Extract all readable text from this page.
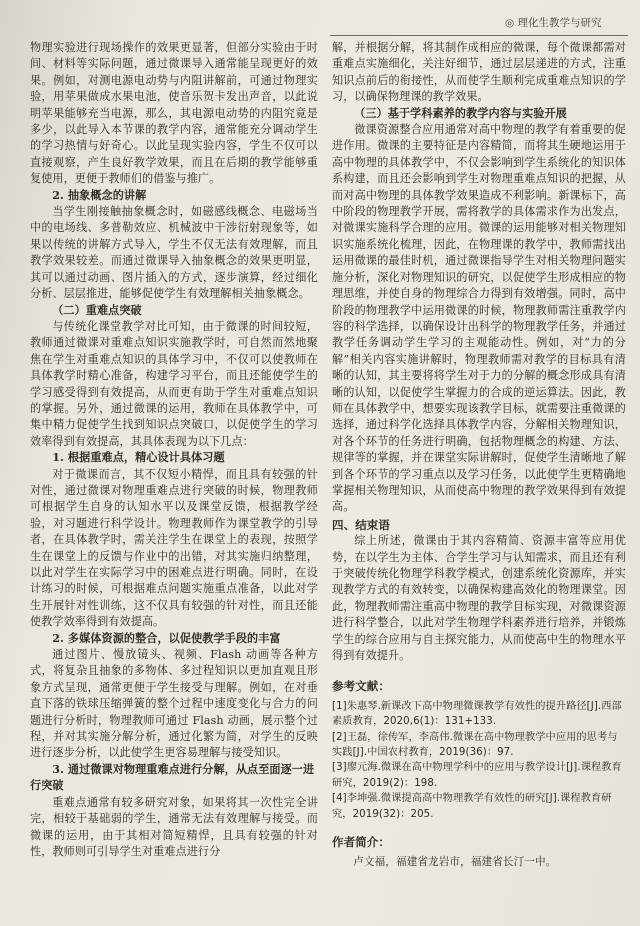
◎ 理化生教学与研究

物理实验进行现场操作的效果更显著，但部分实验由于时间、材料等实际问题，通过微课导入通常能呈现更好的效果。例如，对测电源电动势与内阻讲解前，可通过物理实验，用苹果做成水果电池，使音乐贺卡发出声音，以此说明苹果能够充当电源，那么，其电源电动势的内阻究竟是多少，以此导入本节课的教学内容，通常能充分调动学生的学习热情与好奇心。以此呈现实验内容，学生不仅可以直接观察，产生良好教学效果，而且在后期的教学能够重复使用，更便于教师们的借鉴与推广。

2. 抽象概念的讲解

当学生刚接触抽象概念时，如磁感线概念、电磁场当中的电场线、多普勒效应、机械波中干涉衍射现象等，如果以传统的讲解方式导入，学生不仅无法有效理解，而且教学效果较差。而通过微课导入抽象概念的效果更明显，其可以通过动画、图片插入的方式，逐步演算，经过细化分析、层层推进，能够促使学生有效理解相关抽象概念。

（二）重难点突破

与传统化课堂教学对比可知，由于微课的时间较短，教师通过微课对重难点知识实施教学时，可自然而然地聚焦在学生对重难点知识的具体学习中，不仅可以使教师在具体教学时精心准备，构建学习平台，而且还能使学生的学习感受得到有效提高，从而更有助于学生对重难点知识的掌握。另外，通过微课的运用，教师在具体教学中，可集中精力促使学生找到知识点突破口，以促使学生的学习效率得到有效提高，其具体表现为以下几点：

1. 根据重难点，精心设计具体习题

对于微课而言，其不仅短小精悍，而且具有较强的针对性，通过微课对物理重难点进行突破的时候，物理教师可根据学生自身的认知水平以及课堂反馈，根据教学经验，对习题进行科学设计。物理教师作为课堂教学的引导者，在具体教学时，需关注学生在课堂上的表现，按照学生在课堂上的反馈与作业中的出错，对其实施归纳整理，以此对学生在实际学习中的困难点进行明确。同时，在设计练习的时候，可根据难点问题实施重点准备，以此对学生开展针对性训练，这不仅具有较强的针对性，而且还能使教学效率得到有效提高。

2. 多媒体资源的整合，以促使教学手段的丰富

通过图片、慢放镜头、视频、Flash 动画等各种方式，将复杂且抽象的多物体、多过程知识以更加直观且形象方式呈现，通常更便于学生接受与理解。例如，在对垂直下落的铁球压缩弹簧的整个过程中速度变化与合力的问题进行分析时，物理教师可通过 Flash 动画，展示整个过程，并对其实施分解分析，通过化繁为简，对学生的反映进行逐步分析，以此使学生更容易理解与接受知识。

3. 通过微课对物理重难点进行分解，从点至面逐一进行突破

重难点通常有较多研究对象，如果将其一次性完全讲完，相较于基础弱的学生，通常无法有效理解与接受。而微课的运用，由于其相对简短精悍，且具有较强的针对性，教师则可引导学生对重难点进行分

解，并根据分解，将其制作成相应的微课，每个微课都需对重难点实施细化，关注好细节，通过层层递进的方式，注重知识点前后的衔接性，从而使学生顺利完成重难点知识的学习，以确保物理课的教学效果。

（三）基于学科素养的教学内容与实验开展

微课资源整合应用通常对高中物理的教学有着重要的促进作用。微课的主要特征是内容精简，而将其生硬地运用于高中物理的具体教学中，不仅会影响到学生系统化的知识体系构建，而且还会影响到学生对物理重难点知识的把握，从而对高中物理的具体教学效果造成不利影响。新课标下，高中阶段的物理教学开展，需将教学的具体需求作为出发点，对微课实施科学合理的应用。微课的运用能够对相关物理知识实施系统化梳理，因此，在物理课的教学中，教师需找出运用微课的最佳时机，通过微课指导学生对相关物理问题实施分析，深化对物理知识的研究，以促使学生形成相应的物理思维，并使自身的物理综合力得到有效增强。同时，高中阶段的物理教学中运用微课的时候，物理教师需注重教学内容的科学选择，以确保设计出科学的物理教学任务，并通过教学任务调动学生学习的主观能动性。例如，对“力的分解”相关内容实施讲解时，物理教师需对教学的目标具有清晰的认知，其主要将将学生对于力的分解的概念形成具有清晰的认知，以促使学生掌握力的合成的逆运算法。因此，教师在具体教学中，想要实现该教学目标，就需要注重微课的选择，通过科学化选择具体教学内容，分解相关物理知识，对各个环节的任务进行明确，包括物理概念的构建、方法、规律等的掌握，并在课堂实际讲解时，促使学生清晰地了解到各个环节的学习重点以及学习任务，以此使学生更精确地掌握相关物理知识，从而使高中物理的教学效果得到有效提高。

四、结束语

综上所述，微课由于其内容精简、资源丰富等应用优势，在以学生为主体、合学生学习与认知需求，而且还有利于突破传统化物理学科教学模式，创建系统化资源库，并实现教学方式的有效转变，以确保构建高效化的物理课堂。因此，物理教师需注重高中物理的教学目标实现，对微课资源进行科学整合，以此对学生物理学科素养进行培养，并锻炼学生的综合应用与自主探究能力，从而使高中生的物理水平得到有效提升。

参考文献：
[1]朱惠琴.新课改下高中物理微课教学有效性的提升路径[J].西部素质教育，2020,6(1)：131+133.
[2]王磊，徐传军，李高伟.微课在高中物理教学中应用的思考与实践[J].中国农村教育，2019(36)：97.
[3]廖元海.微课在高中物理学科中的应用与教学设计[J].课程教育研究，2019(2)：198.
[4]李坤强.微课提高高中物理教学有效性的研究[J].课程教育研究，2019(32)：205.
作者简介：
卢文福，福建省龙岩市，福建省长汀一中。
